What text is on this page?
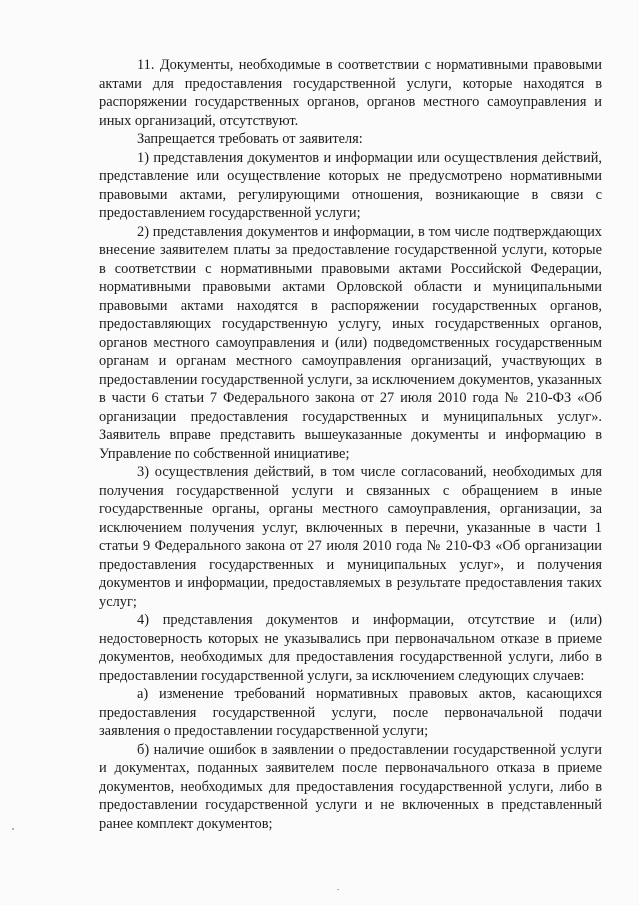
11. Документы, необходимые в соответствии с нормативными правовыми актами для предоставления государственной услуги, которые находятся в распоряжении государственных органов, органов местного самоуправления и иных организаций, отсутствуют.

Запрещается требовать от заявителя:

1) представления документов и информации или осуществления действий, представление или осуществление которых не предусмотрено нормативными правовыми актами, регулирующими отношения, возникающие в связи с предоставлением государственной услуги;

2) представления документов и информации, в том числе подтверждающих внесение заявителем платы за предоставление государственной услуги, которые в соответствии с нормативными правовыми актами Российской Федерации, нормативными правовыми актами Орловской области и муниципальными правовыми актами находятся в распоряжении государственных органов, предоставляющих государственную услугу, иных государственных органов, органов местного самоуправления и (или) подведомственных государственным органам и органам местного самоуправления организаций, участвующих в предоставлении государственной услуги, за исключением документов, указанных в части 6 статьи 7 Федерального закона от 27 июля 2010 года № 210-ФЗ «Об организации предоставления государственных и муниципальных услуг». Заявитель вправе представить вышеуказанные документы и информацию в Управление по собственной инициативе;

3) осуществления действий, в том числе согласований, необходимых для получения государственной услуги и связанных с обращением в иные государственные органы, органы местного самоуправления, организации, за исключением получения услуг, включенных в перечни, указанные в части 1 статьи 9 Федерального закона от 27 июля 2010 года № 210-ФЗ «Об организации предоставления государственных и муниципальных услуг», и получения документов и информации, предоставляемых в результате предоставления таких услуг;

4) представления документов и информации, отсутствие и (или) недостоверность которых не указывались при первоначальном отказе в приеме документов, необходимых для предоставления государственной услуги, либо в предоставлении государственной услуги, за исключением следующих случаев:

а) изменение требований нормативных правовых актов, касающихся предоставления государственной услуги, после первоначальной подачи заявления о предоставлении государственной услуги;

б) наличие ошибок в заявлении о предоставлении государственной услуги и документах, поданных заявителем после первоначального отказа в приеме документов, необходимых для предоставления государственной услуги, либо в предоставлении государственной услуги и не включенных в представленный ранее комплект документов;
